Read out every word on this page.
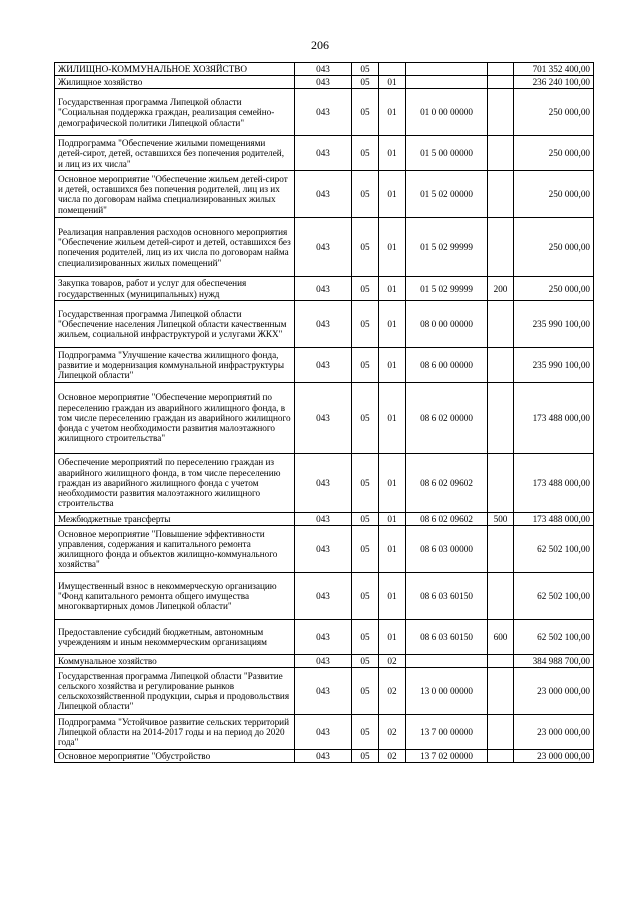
206
ЖИЛИЩНО-КОММУНАЛЬНОЕ ХОЗЯЙСТВО	043	05				701 352 400,00
Жилищное хозяйство	043	05	01			236 240 100,00
Государственная программа Липецкой области "Социальная поддержка граждан, реализация семейно-демографической политики Липецкой области"	043	05	01	01 0 00 00000		250 000,00
Подпрограмма "Обеспечение жилыми помещениями детей-сирот, детей, оставшихся без попечения родителей, и лиц из их числа"	043	05	01	01 5 00 00000		250 000,00
Основное мероприятие "Обеспечение жильем детей-сирот и детей, оставшихся без попечения родителей, лиц из их числа по договорам найма специализированных жилых помещений"	043	05	01	01 5 02 00000		250 000,00
Реализация направления расходов основного мероприятия "Обеспечение жильем детей-сирот и детей, оставшихся без попечения родителей, лиц из их числа по договорам найма специализированных жилых помещений"	043	05	01	01 5 02 99999		250 000,00
Закупка товаров, работ и услуг для обеспечения государственных (муниципальных) нужд	043	05	01	01 5 02 99999	200	250 000,00
Государственная программа Липецкой области "Обеспечение населения Липецкой области качественным жильем, социальной инфраструктурой и услугами ЖКХ"	043	05	01	08 0 00 00000		235 990 100,00
Подпрограмма "Улучшение качества жилищного фонда, развитие и модернизация коммунальной инфраструктуры Липецкой области"	043	05	01	08 6 00 00000		235 990 100,00
Основное мероприятие "Обеспечение мероприятий по переселению граждан из аварийного жилищного фонда, в том числе переселению граждан из аварийного жилищного фонда с учетом необходимости развития малоэтажного жилищного строительства"	043	05	01	08 6 02 00000		173 488 000,00
Обеспечение мероприятий по переселению граждан из аварийного жилищного фонда, в том числе переселению граждан из аварийного жилищного фонда с учетом необходимости развития малоэтажного жилищного строительства	043	05	01	08 6 02 09602		173 488 000,00
Межбюджетные трансферты	043	05	01	08 6 02 09602	500	173 488 000,00
Основное мероприятие "Повышение эффективности управления, содержания и капитального ремонта жилищного фонда и объектов жилищно-коммунального хозяйства"	043	05	01	08 6 03 00000		62 502 100,00
Имущественный взнос в некоммерческую организацию "Фонд капитального ремонта общего имущества многоквартирных домов Липецкой области"	043	05	01	08 6 03 60150		62 502 100,00
Предоставление субсидий бюджетным, автономным учреждениям и иным некоммерческим организациям	043	05	01	08 6 03 60150	600	62 502 100,00
Коммунальное хозяйство	043	05	02			384 988 700,00
Государственная программа Липецкой области "Развитие сельского хозяйства и регулирование рынков сельскохозяйственной продукции, сырья и продовольствия Липецкой области"	043	05	02	13 0 00 00000		23 000 000,00
Подпрограмма "Устойчивое развитие сельских территорий Липецкой области на 2014-2017 годы и на период до 2020 года"	043	05	02	13 7 00 00000		23 000 000,00
Основное мероприятие "Обустройство	043	05	02	13 7 02 00000		23 000 000,00
